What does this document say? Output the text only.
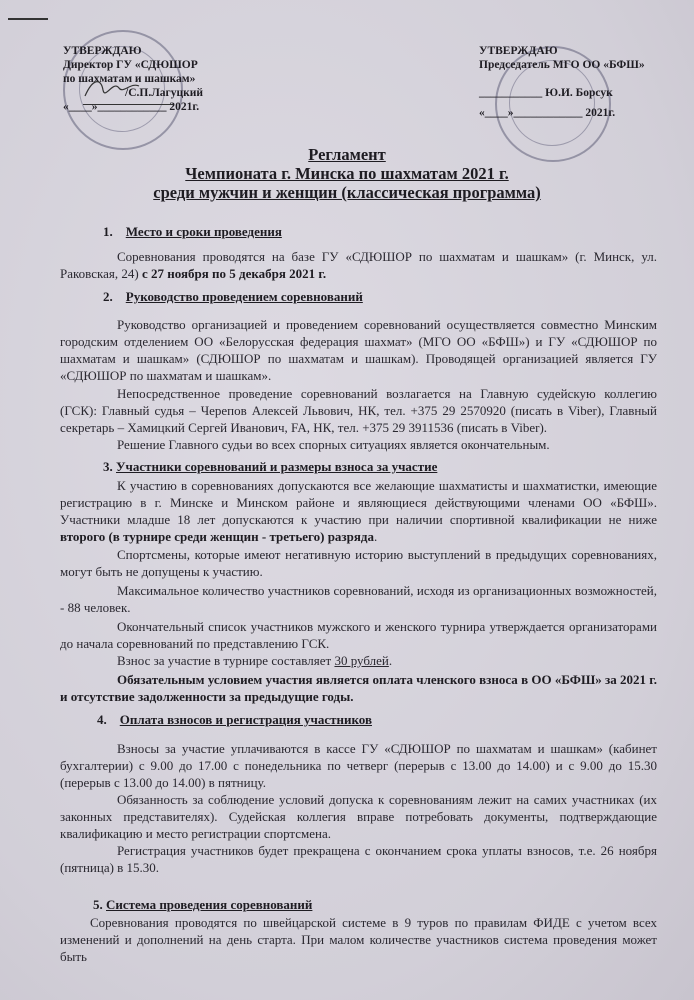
УТВЕРЖДАЮ
Директор ГУ «СДЮШОР
по шахматам и шашкам»
/С.П.Лагуцкий
«____»____________ 2021г.
УТВЕРЖДАЮ
Председатель МГО ОО «БФШ»
___________ Ю.И. Борсук
«____»____________ 2021г.
Регламент
Чемпионата г. Минска по шахматам 2021 г.
среди мужчин и женщин (классическая программа)
1. Место и сроки проведения
Соревнования проводятся на базе ГУ «СДЮШОР по шахматам и шашкам» (г. Минск, ул. Раковская, 24) с 27 ноября по 5 декабря 2021 г.
2. Руководство проведением соревнований
Руководство организацией и проведением соревнований осуществляется совместно Минским городским отделением ОО «Белорусская федерация шахмат» (МГО ОО «БФШ») и ГУ «СДЮШОР по шахматам и шашкам» (СДЮШОР по шахматам и шашкам). Проводящей организацией является ГУ «СДЮШОР по шахматам и шашкам».
Непосредственное проведение соревнований возлагается на Главную судейскую коллегию (ГСК): Главный судья – Черепов Алексей Львович, НК, тел. +375 29 2570920 (писать в Viber), Главный секретарь – Хамицкий Сергей Иванович, FA, НК, тел. +375 29 3911536 (писать в Viber).
Решение Главного судьи во всех спорных ситуациях является окончательным.
3. Участники соревнований и размеры взноса за участие
К участию в соревнованиях допускаются все желающие шахматисты и шахматистки, имеющие регистрацию в г. Минске и Минском районе и являющиеся действующими членами ОО «БФШ». Участники младше 18 лет допускаются к участию при наличии спортивной квалификации не ниже второго (в турнире среди женщин - третьего) разряда.
Спортсмены, которые имеют негативную историю выступлений в предыдущих соревнованиях, могут быть не допущены к участию.
Максимальное количество участников соревнований, исходя из организационных возможностей, - 88 человек.
Окончательный список участников мужского и женского турнира утверждается организаторами до начала соревнований по представлению ГСК.
Взнос за участие в турнире составляет 30 рублей.
Обязательным условием участия является оплата членского взноса в ОО «БФШ» за 2021 г. и отсутствие задолженности за предыдущие годы.
4. Оплата взносов и регистрация участников
Взносы за участие уплачиваются в кассе ГУ «СДЮШОР по шахматам и шашкам» (кабинет бухгалтерии) с 9.00 до 17.00 с понедельника по четверг (перерыв с 13.00 до 14.00) и с 9.00 до 15.30 (перерыв с 13.00 до 14.00) в пятницу.
Обязанность за соблюдение условий допуска к соревнованиям лежит на самих участниках (их законных представителях). Судейская коллегия вправе потребовать документы, подтверждающие квалификацию и место регистрации спортсмена.
Регистрация участников будет прекращена с окончанием срока уплаты взносов, т.е. 26 ноября (пятница) в 15.30.
5. Система проведения соревнований
Соревнования проводятся по швейцарской системе в 9 туров по правилам ФИДЕ с учетом всех изменений и дополнений на день старта. При малом количестве участников система проведения может быть
